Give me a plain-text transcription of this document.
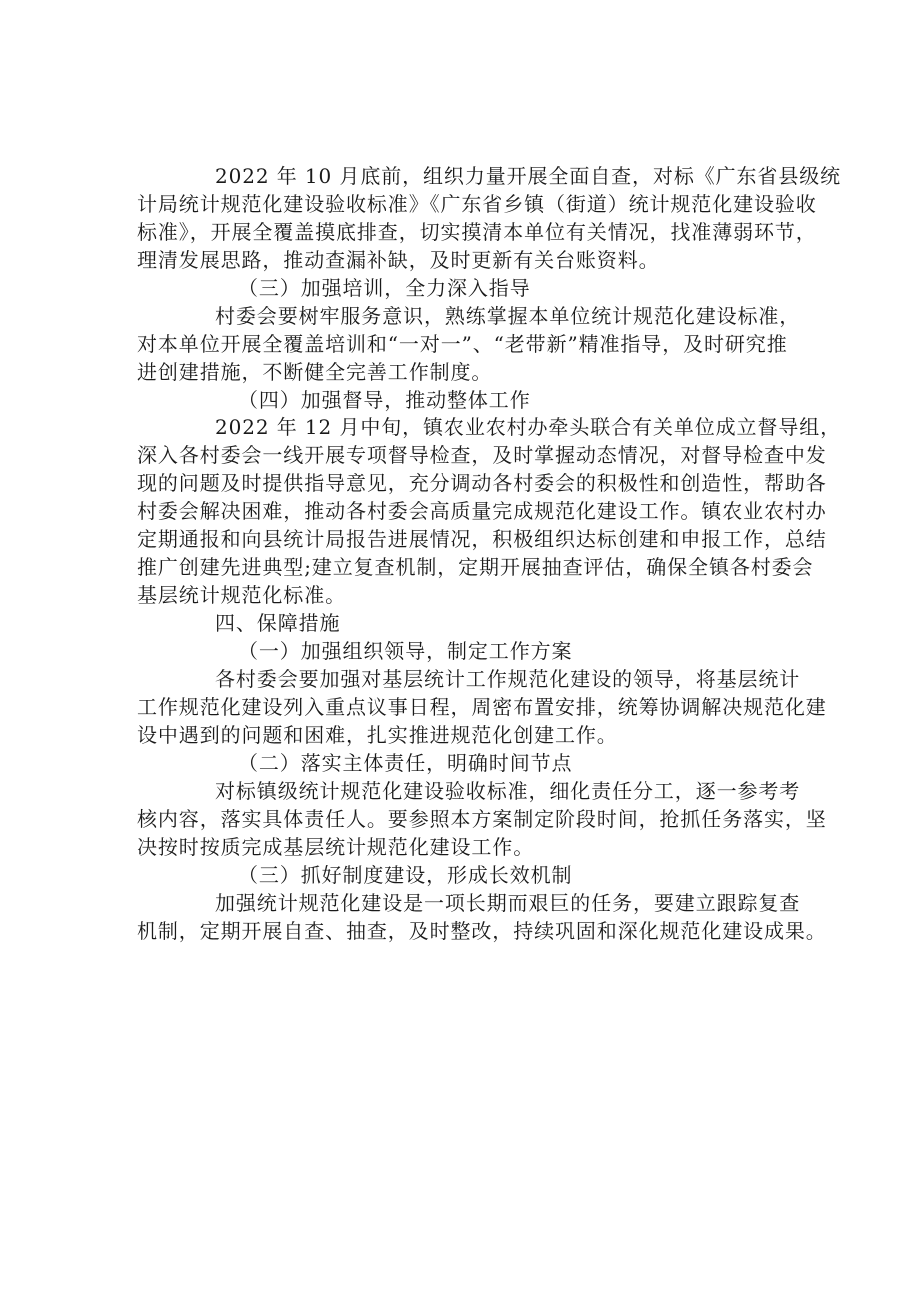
2022 年 10 月底前，组织力量开展全面自查，对标《广东省县级统
计局统计规范化建设验收标准》《广东省乡镇（街道）统计规范化建设验收
标准》，开展全覆盖摸底排查，切实摸清本单位有关情况，找准薄弱环节，
理清发展思路，推动查漏补缺，及时更新有关台账资料。
（三）加强培训，全力深入指导
村委会要树牢服务意识，熟练掌握本单位统计规范化建设标准，
对本单位开展全覆盖培训和“一对一”、“老带新”精准指导，及时研究推
进创建措施，不断健全完善工作制度。
（四）加强督导，推动整体工作
2022 年 12 月中旬，镇农业农村办牵头联合有关单位成立督导组，
深入各村委会一线开展专项督导检查，及时掌握动态情况，对督导检查中发
现的问题及时提供指导意见，充分调动各村委会的积极性和创造性，帮助各
村委会解决困难，推动各村委会高质量完成规范化建设工作。镇农业农村办
定期通报和向县统计局报告进展情况，积极组织达标创建和申报工作，总结
推广创建先进典型;建立复查机制，定期开展抽查评估，确保全镇各村委会
基层统计规范化标准。
四、保障措施
（一）加强组织领导，制定工作方案
各村委会要加强对基层统计工作规范化建设的领导，将基层统计
工作规范化建设列入重点议事日程，周密布置安排，统筹协调解决规范化建
设中遇到的问题和困难，扎实推进规范化创建工作。
（二）落实主体责任，明确时间节点
对标镇级统计规范化建设验收标准，细化责任分工，逐一参考考
核内容，落实具体责任人。要参照本方案制定阶段时间，抢抓任务落实，坚
决按时按质完成基层统计规范化建设工作。
（三）抓好制度建设，形成长效机制
加强统计规范化建设是一项长期而艰巨的任务，要建立跟踪复查
机制，定期开展自查、抽查，及时整改，持续巩固和深化规范化建设成果。
